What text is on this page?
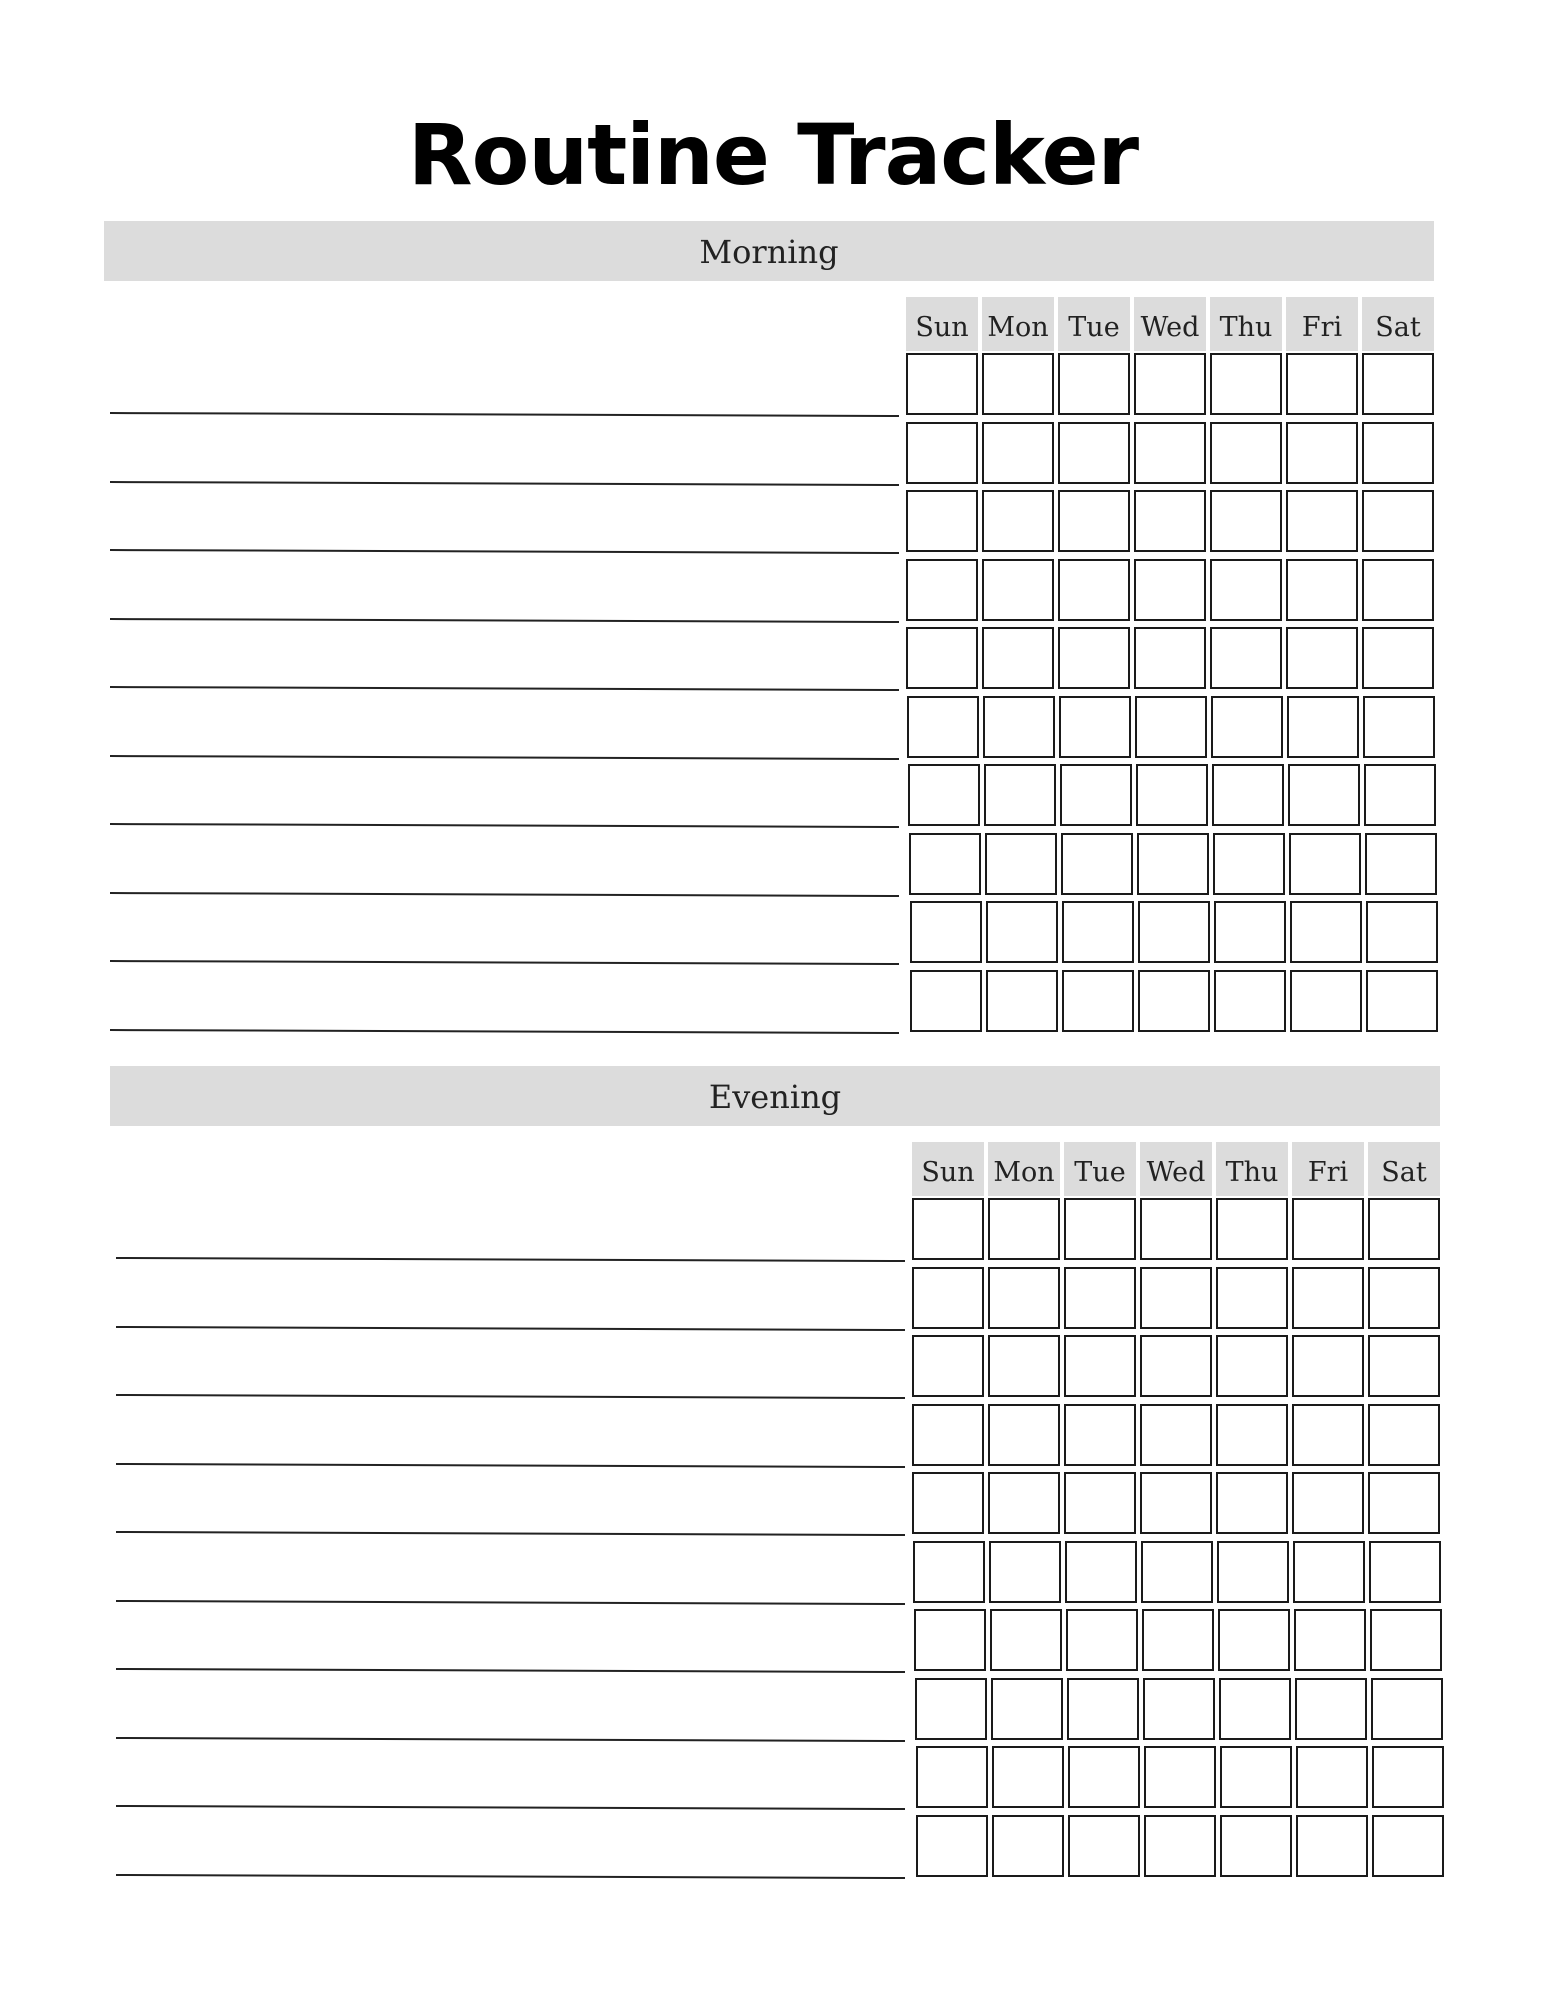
Routine Tracker
Morning
Sun Mon Tue Wed Thu	Fri	Sat
Evening
Sun Mon Tue Wed Thu	Fri	Sat
